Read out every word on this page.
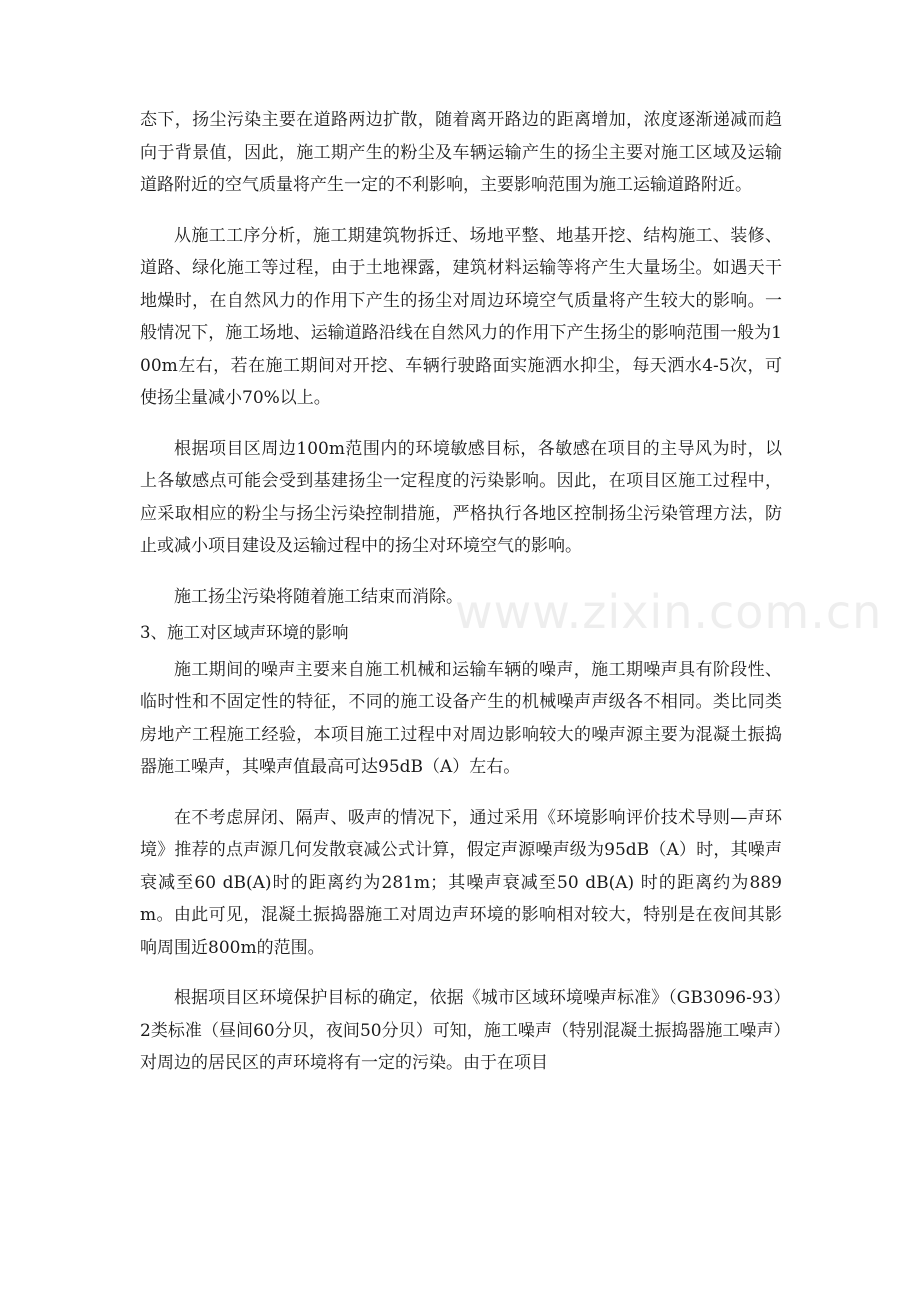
态下，扬尘污染主要在道路两边扩散，随着离开路边的距离增加，浓度逐渐递减而趋向于背景值，因此，施工期产生的粉尘及车辆运输产生的扬尘主要对施工区域及运输道路附近的空气质量将产生一定的不利影响，主要影响范围为施工运输道路附近。

从施工工序分析，施工期建筑物拆迁、场地平整、地基开挖、结构施工、装修、道路、绿化施工等过程，由于土地裸露，建筑材料运输等将产生大量场尘。如遇天干地燥时，在自然风力的作用下产生的扬尘对周边环境空气质量将产生较大的影响。一般情况下，施工场地、运输道路沿线在自然风力的作用下产生扬尘的影响范围一般为100m左右，若在施工期间对开挖、车辆行驶路面实施洒水抑尘，每天洒水4-5次，可使扬尘量减小70%以上。

根据项目区周边100m范围内的环境敏感目标，各敏感在项目的主导风为时，以上各敏感点可能会受到基建扬尘一定程度的污染影响。因此，在项目区施工过程中，应采取相应的粉尘与扬尘污染控制措施，严格执行各地区控制扬尘污染管理方法，防止或减小项目建设及运输过程中的扬尘对环境空气的影响。

施工扬尘污染将随着施工结束而消除。

3、施工对区域声环境的影响

施工期间的噪声主要来自施工机械和运输车辆的噪声，施工期噪声具有阶段性、临时性和不固定性的特征，不同的施工设备产生的机械噪声声级各不相同。类比同类房地产工程施工经验，本项目施工过程中对周边影响较大的噪声源主要为混凝土振捣器施工噪声，其噪声值最高可达95dB（A）左右。

在不考虑屏闭、隔声、吸声的情况下，通过采用《环境影响评价技术导则—声环境》推荐的点声源几何发散衰减公式计算，假定声源噪声级为95dB（A）时，其噪声衰减至60 dB(A)时的距离约为281m；其噪声衰减至50 dB(A) 时的距离约为889m。由此可见，混凝土振捣器施工对周边声环境的影响相对较大，特别是在夜间其影响周围近800m的范围。

根据项目区环境保护目标的确定，依据《城市区域环境噪声标准》（GB3096-93）2类标准（昼间60分贝，夜间50分贝）可知，施工噪声（特别混凝土振捣器施工噪声）对周边的居民区的声环境将有一定的污染。由于在项目

www.zixin.com.cn
